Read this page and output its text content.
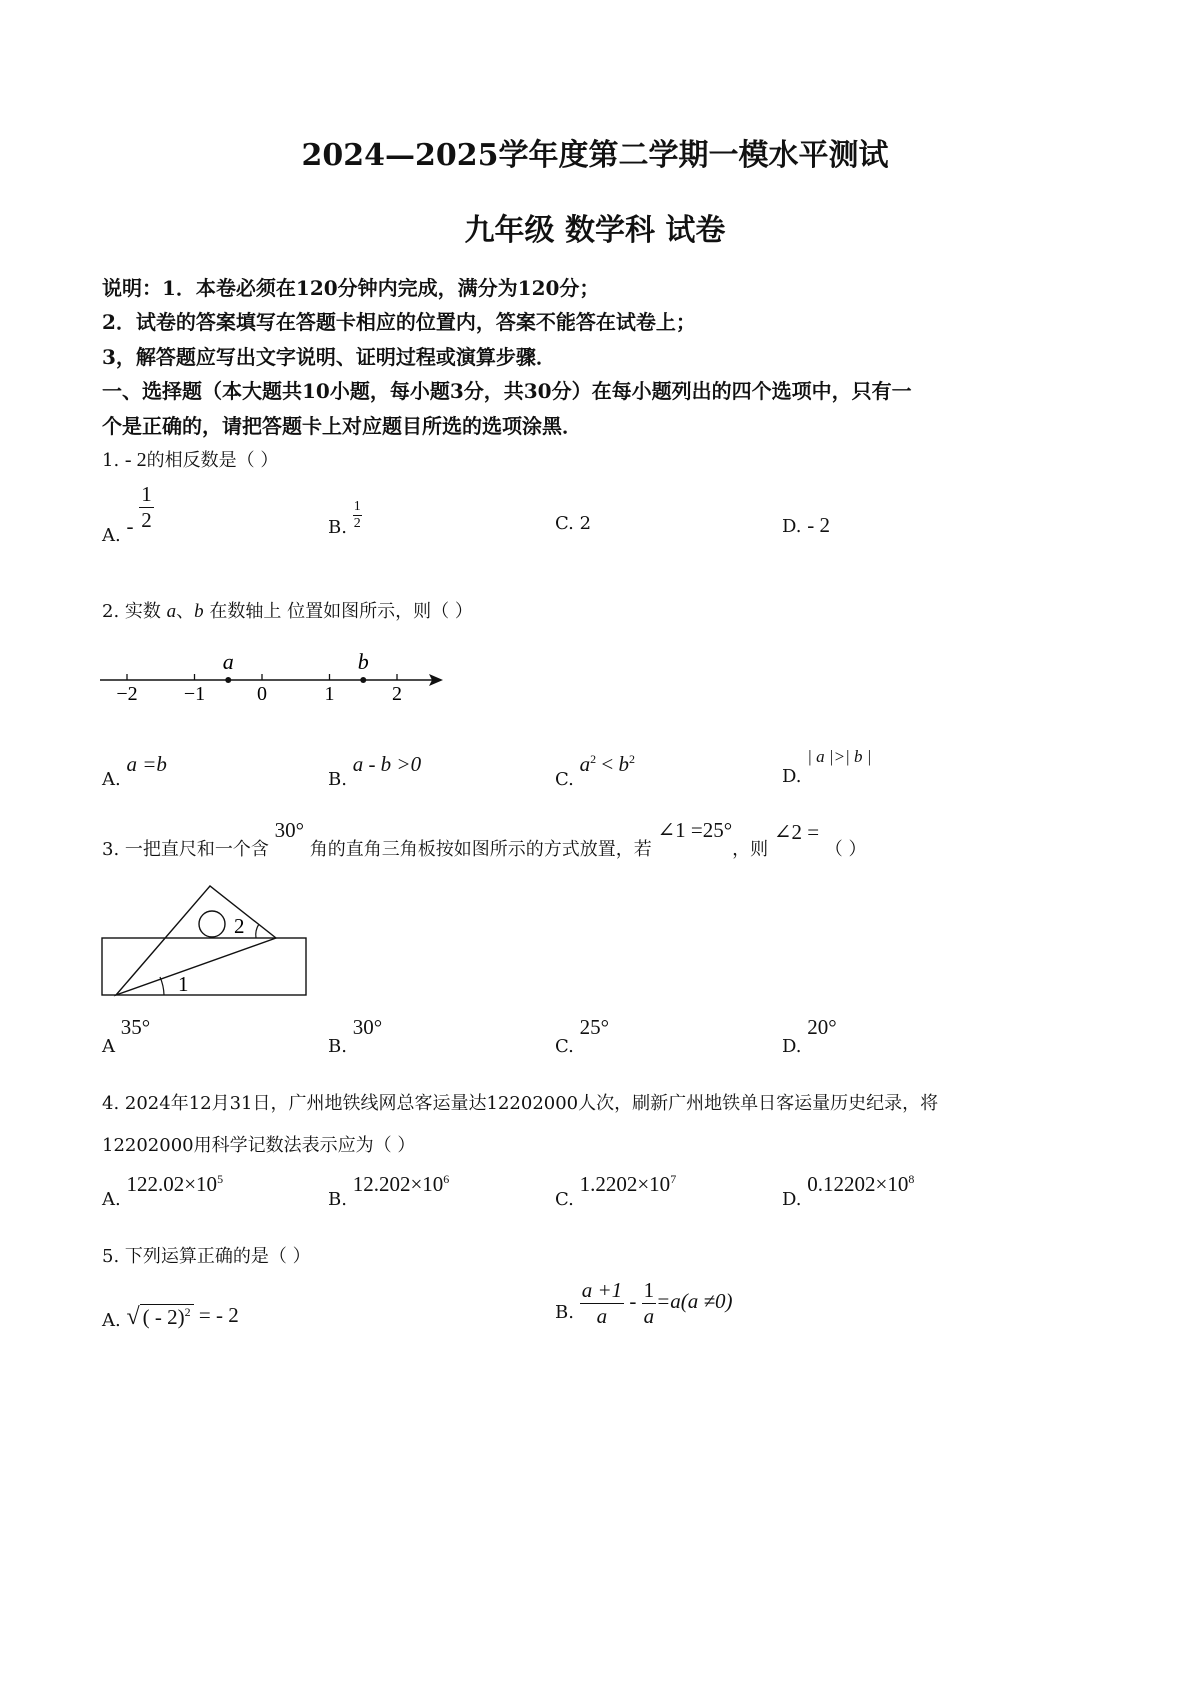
2024—2025学年度第二学期一模水平测试
九年级 数学科 试卷
说明：1．本卷必须在120分钟内完成，满分为120分；
2．试卷的答案填写在答题卡相应的位置内，答案不能答在试卷上；
3，解答题应写出文字说明、证明过程或演算步骤．
一、选择题（本大题共10小题，每小题3分，共30分）在每小题列出的四个选项中，只有一
个是正确的，请把答题卡上对应题目所选的选项涂黑．
1. - 2的相反数是（ ）
A. - $\frac{1}{2}$	B. $\frac{1}{2}$	C. 2	D. - 2
2. 实数 a、b 在数轴上 位置如图所示，则（ ）
−2 −1	0	1	2
a	b
A. a =b
B. a - b >0
C. $a^2 < b^2$
D. | a |>| b |
3. 一把直尺和一个含 30° 角的直角三角板按如图所示的方式放置，若 ∠1 =25°，则 ∠2 = （ ）
1
2
A 35°
B. 30°
C. 25°
D. 20°
4. 2024年12月31日，广州地铁线网总客运量达12202000人次，刷新广州地铁单日客运量历史纪录，将
12202000用科学记数法表示应为（ ）
A. $122.02\times 10^5$
B. $12.202\times 10^6$
C. $1.2202\times 10^7$
D. $0.12202\times 10^8$
5. 下列运算正确的是（ ）
A. √ ( - 2)$^2$ = - 2	B. $\frac{a +1}{a} - \frac{1}{a} =a(a \ne 0)$
